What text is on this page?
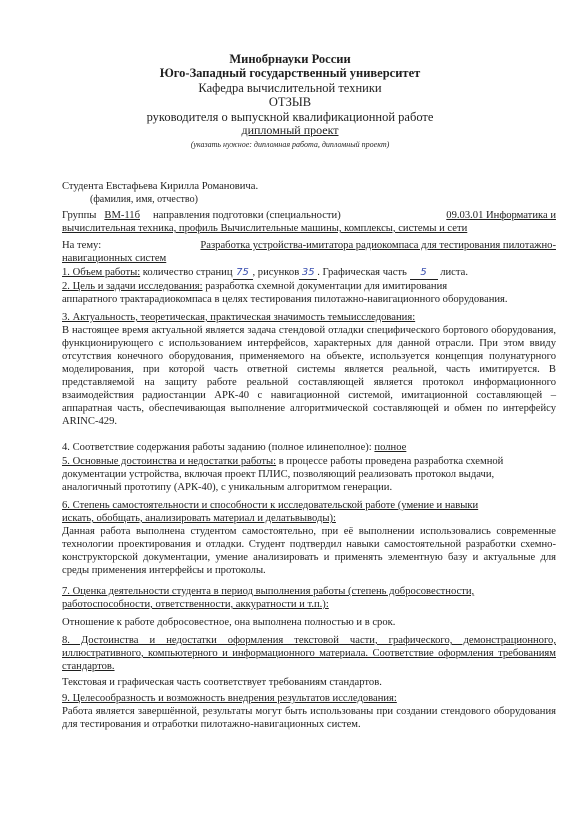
Минобрнауки России
Юго-Западный государственный университет
Кафедра вычислительной техники
ОТЗЫВ
руководителя о выпускной квалификационной работе
дипломный проект
(указать нужное: дипломная работа, дипломный проект)
Студента Евстафьева Кирилла Романовича.
(фамилия, имя, отчество)
Группы ВМ-11б направления подготовки (специальности)	09.03.01 Информатика и
вычислительная техника, профиль Вычислительные машины, комплексы, системы и сети
На тему:	Разработка устройства-имитатора радиокомпаса для тестирования пилотажно-
навигационных систем
1. Объем работы: количество страниц 75 , рисунков 35 . Графическая часть 5 листа.
2. Цель и задачи исследования: разработка схемной документации для имитирования
аппаратного трактарадиокомпаса в целях тестирования пилотажно-навигационного оборудования.
3. Актуальность, теоретическая, практическая значимость темыисследования:
В настоящее время актуальной является задача стендовой отладки специфического бортового оборудования, функционирующего с использованием интерфейсов, характерных для данной отрасли. При этом ввиду отсутствия конечного оборудования, применяемого на объекте, используется концепция полунатурного моделирования, при которой часть ответной системы является реальной, часть имитируется. В представляемой на защиту работе реальной составляющей является протокол информационного взаимодействия радиостанции АРК-40 с навигационной системой, имитационной составляющей – аппаратная часть, обеспечивающая выполнение алгоритмической составляющей и обмен по интерфейсу ARINC-429.
4. Соответствие содержания работы заданию (полное илинеполное): полное
5. Основные достоинства и недостатки работы: в процессе работы проведена разработка схемной
документации устройства, включая проект ПЛИС, позволяющий реализовать протокол выдачи,
аналогичный прототипу (АРК-40), с уникальным алгоритмом генерации.
6. Степень самостоятельности и способности к исследовательской работе (умение и навыки
искать, обобщать, анализировать материал и делатьвыводы):
Данная работа выполнена студентом самостоятельно, при её выполнении использовались современные технологии проектирования и отладки. Студент подтвердил навыки самостоятельной разработки схемно-конструкторской документации, умение анализировать и применять элементную базу и актуальные для среды применения интерфейсы и протоколы.
7. Оценка деятельности студента в период выполнения работы (степень добросовестности,
работоспособности, ответственности, аккуратности и т.п.):
Отношение к работе добросовестное, она выполнена полностью и в срок.
8. Достоинства и недостатки оформления текстовой части, графического, демонстрационного, иллюстративного, компьютерного и информационного материала. Соответствие оформления требованиям стандартов.
Текстовая и графическая часть соответствует требованиям стандартов.
9. Целесообразность и возможность внедрения результатов исследования:
Работа является завершённой, результаты могут быть использованы при создании стендового оборудования для тестирования и отработки пилотажно-навигационных систем.
